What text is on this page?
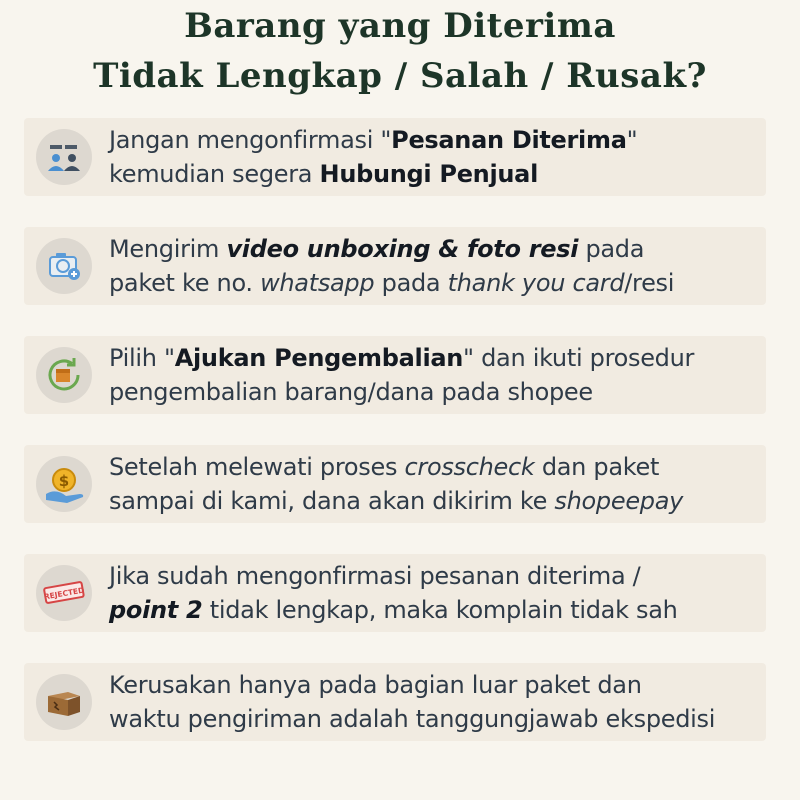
Barang yang Diterima
Tidak Lengkap / Salah / Rusak?
Jangan mengonfirmasi "Pesanan Diterima"
kemudian segera Hubungi Penjual
Mengirim video unboxing & foto resi pada
paket ke no. whatsapp pada thank you card/resi
Pilih "Ajukan Pengembalian" dan ikuti prosedur
pengembalian barang/dana pada shopee
$ Setelah melewati proses crosscheck dan paket
sampai di kami, dana akan dikirim ke shopeepay
REJECTED
Jika sudah mengonfirmasi pesanan diterima /
point 2 tidak lengkap, maka komplain tidak sah
Kerusakan hanya pada bagian luar paket dan
waktu pengiriman adalah tanggungjawab ekspedisi
